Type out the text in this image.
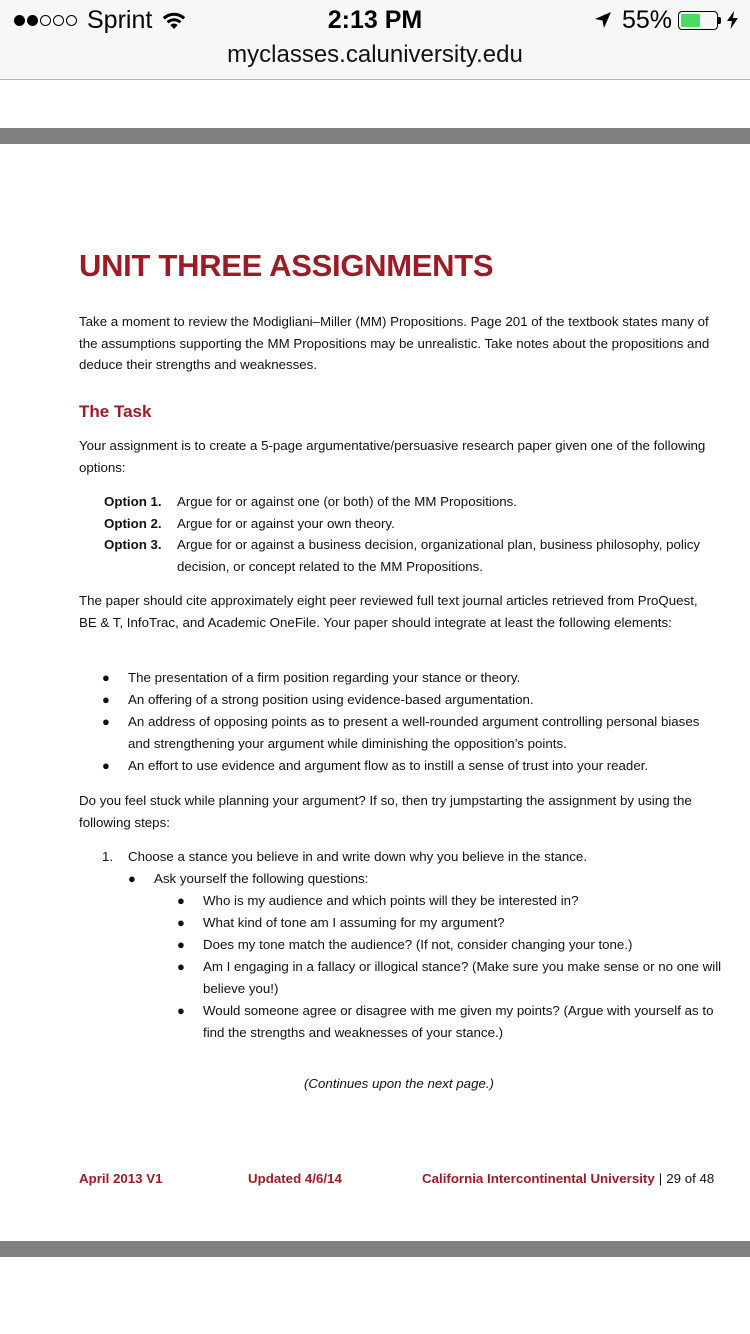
Sprint	2:13 PM	55%
myclasses.caluniversity.edu
UNIT THREE ASSIGNMENTS
Take a moment to review the Modigliani–Miller (MM) Propositions. Page 201 of the textbook states many of the assumptions supporting the MM Propositions may be unrealistic. Take notes about the propositions and deduce their strengths and weaknesses.
The Task
Your assignment is to create a 5-page argumentative/persuasive research paper given one of the following options:
Option 1.	Argue for or against one (or both) of the MM Propositions.
Option 2.	Argue for or against your own theory.
Option 3.	Argue for or against a business decision, organizational plan, business philosophy, policy decision, or concept related to the MM Propositions.
The paper should cite approximately eight peer reviewed full text journal articles retrieved from ProQuest, BE & T, InfoTrac, and Academic OneFile. Your paper should integrate at least the following elements:
●	The presentation of a firm position regarding your stance or theory.
●	An offering of a strong position using evidence-based argumentation.
●	An address of opposing points as to present a well-rounded argument controlling personal biases and strengthening your argument while diminishing the opposition’s points.
●	An effort to use evidence and argument flow as to instill a sense of trust into your reader.
Do you feel stuck while planning your argument? If so, then try jumpstarting the assignment by using the following steps:
1.	Choose a stance you believe in and write down why you believe in the stance.
●	Ask yourself the following questions:
●	Who is my audience and which points will they be interested in?
●	What kind of tone am I assuming for my argument?
●	Does my tone match the audience? (If not, consider changing your tone.)
●	Am I engaging in a fallacy or illogical stance? (Make sure you make sense or no one will believe you!)
●	Would someone agree or disagree with me given my points? (Argue with yourself as to find the strengths and weaknesses of your stance.)
(Continues upon the next page.)
April 2013 V1	Updated 4/6/14	California Intercontinental University | 29 of 48
